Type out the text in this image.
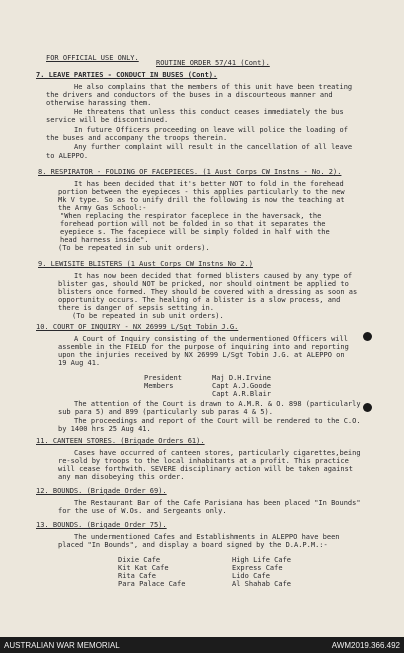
FOR OFFICIAL USE ONLY.
ROUTINE ORDER 57/41 (Cont).
7. LEAVE PARTIES - CONDUCT IN BUSES (Cont).
He also complains that the members of this unit have been treating
the drivers and conductors of the buses in a discourteous manner and
otherwise harassing them.
He threatens that unless this conduct ceases immediately the bus
service will be discontinued.
In future Officers proceeding on leave will police the loading of
the buses and accompany the troops therein.
Any further complaint will result in the cancellation of all leave
to ALEPPO.
8. RESPIRATOR - FOLDING OF FACEPIECES. (1 Aust Corps CW Instns - No. 2).
It has been decided that it's better NOT to fold in the forehead
portion between the eyepieces - this applies particularly to the new
Mk V type. So as to unify drill the following is now the teaching at
the Army Gas School:-
"When replacing the respirator faceplece in the haversack, the
forehead portion will not be folded in so that it separates the
eyepiece s. The facepiece will be simply folded in half with the
head harness inside".
(To be repeated in sub unit orders).
9. LEWISITE BLISTERS (1 Aust Corps CW Instns No 2.)
It has now been decided that formed blisters caused by any type of
blister gas, should NOT be pricked, nor should ointment be applied to
blisters once formed. They should be covered with a dressing as soon as
opportunity occurs. The healing of a blister is a slow process, and
there is danger of sepsis setting in.
(To be repeated in sub unit orders).
10. COURT OF INQUIRY - NX 26999 L/Sgt Tobin J.G.
A Court of Inquiry consisting of the undermentioned Officers will
assemble in the FIELD for the purpose of inquiring into and reporting
upon the injuries received by NX 26999 L/Sgt Tobin J.G. at ALEPPO on
19 Aug 41.
President	Maj D.H.Irvine
Members	Capt A.J.Goode
Capt A.R.Blair
The attention of the Court is drawn to A.M.R. & O. 898 (particularly
sub para 5) and 899 (particularly sub paras 4 & 5).
The proceedings and report of the Court will be rendered to the C.O.
by 1400 hrs 25 Aug 41.
11. CANTEEN STORES. (Brigade Orders 61).
Cases have occurred of canteen stores, particularly cigarettes,being
re-sold by troops to the local inhabitants at a profit. This practice
will cease forthwith. SEVERE disciplinary action will be taken against
any man disobeying this order.
12. BOUNDS. (Brigade Order 69).
The Restaurant Bar of the Cafe Parisiana has been placed "In Bounds"
for the use of W.Os. and Sergeants only.
13. BOUNDS. (Brigade Order 75).
The undermentioned Cafes and Establishments in ALEPPO have been
placed "In Bounds", and display a board signed by the D.A.P.M.:-
Dixie Cafe	High Life Cafe
Kit Kat Cafe	Express Cafe
Rita Cafe	Lido Cafe
Para Palace Cafe	Al Shahab Cafe
AUSTRALIAN WAR MEMORIAL	AWM2019.366.492
